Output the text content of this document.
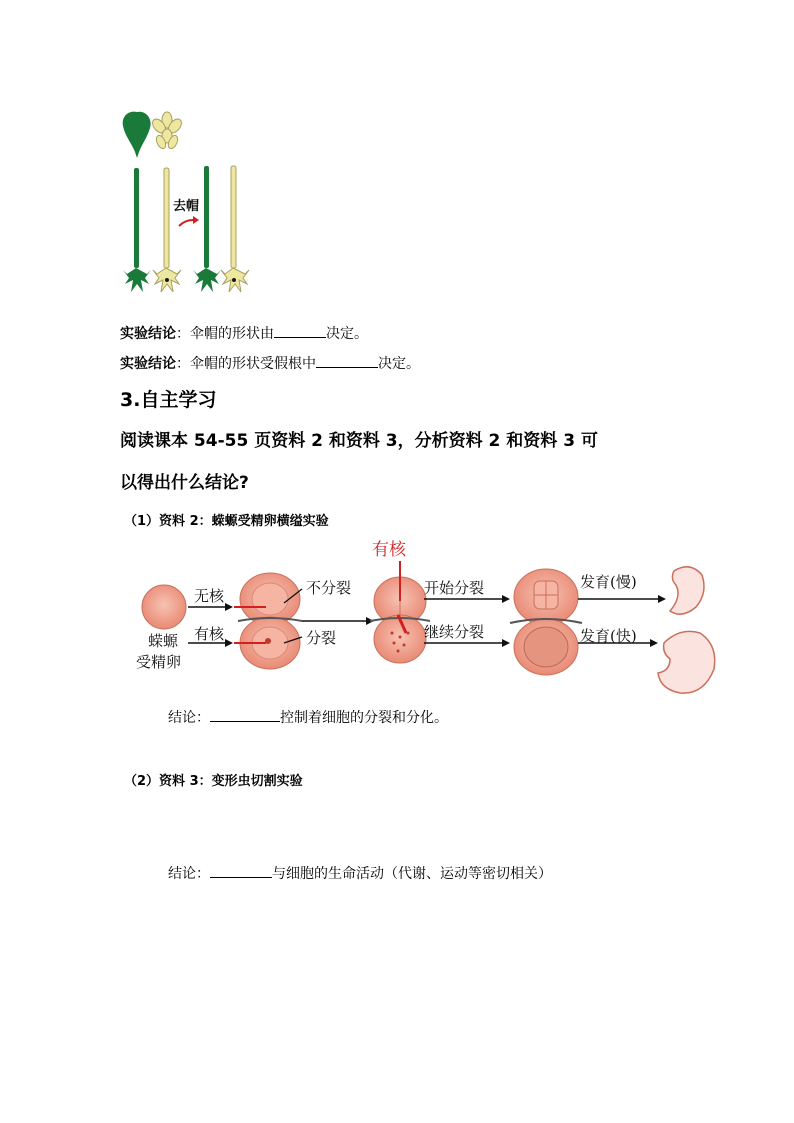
去帽
实验结论：伞帽的形状由	决定。
实验结论：伞帽的形状受假根中	决定。
3.自主学习
阅读课本 54-55 页资料 2 和资料 3，分析资料 2 和资料 3 可
以得出什么结论?
（1）资料 2：蝾螈受精卵横缢实验
蝾螈
受精卵
无核
有核
不分裂
分裂
有核
开始分裂
继续分裂
发育(慢)
发育(快)
结论：	控制着细胞的分裂和分化。
（2）资料 3：变形虫切割实验
结论：	与细胞的生命活动（代谢、运动等密切相关）
